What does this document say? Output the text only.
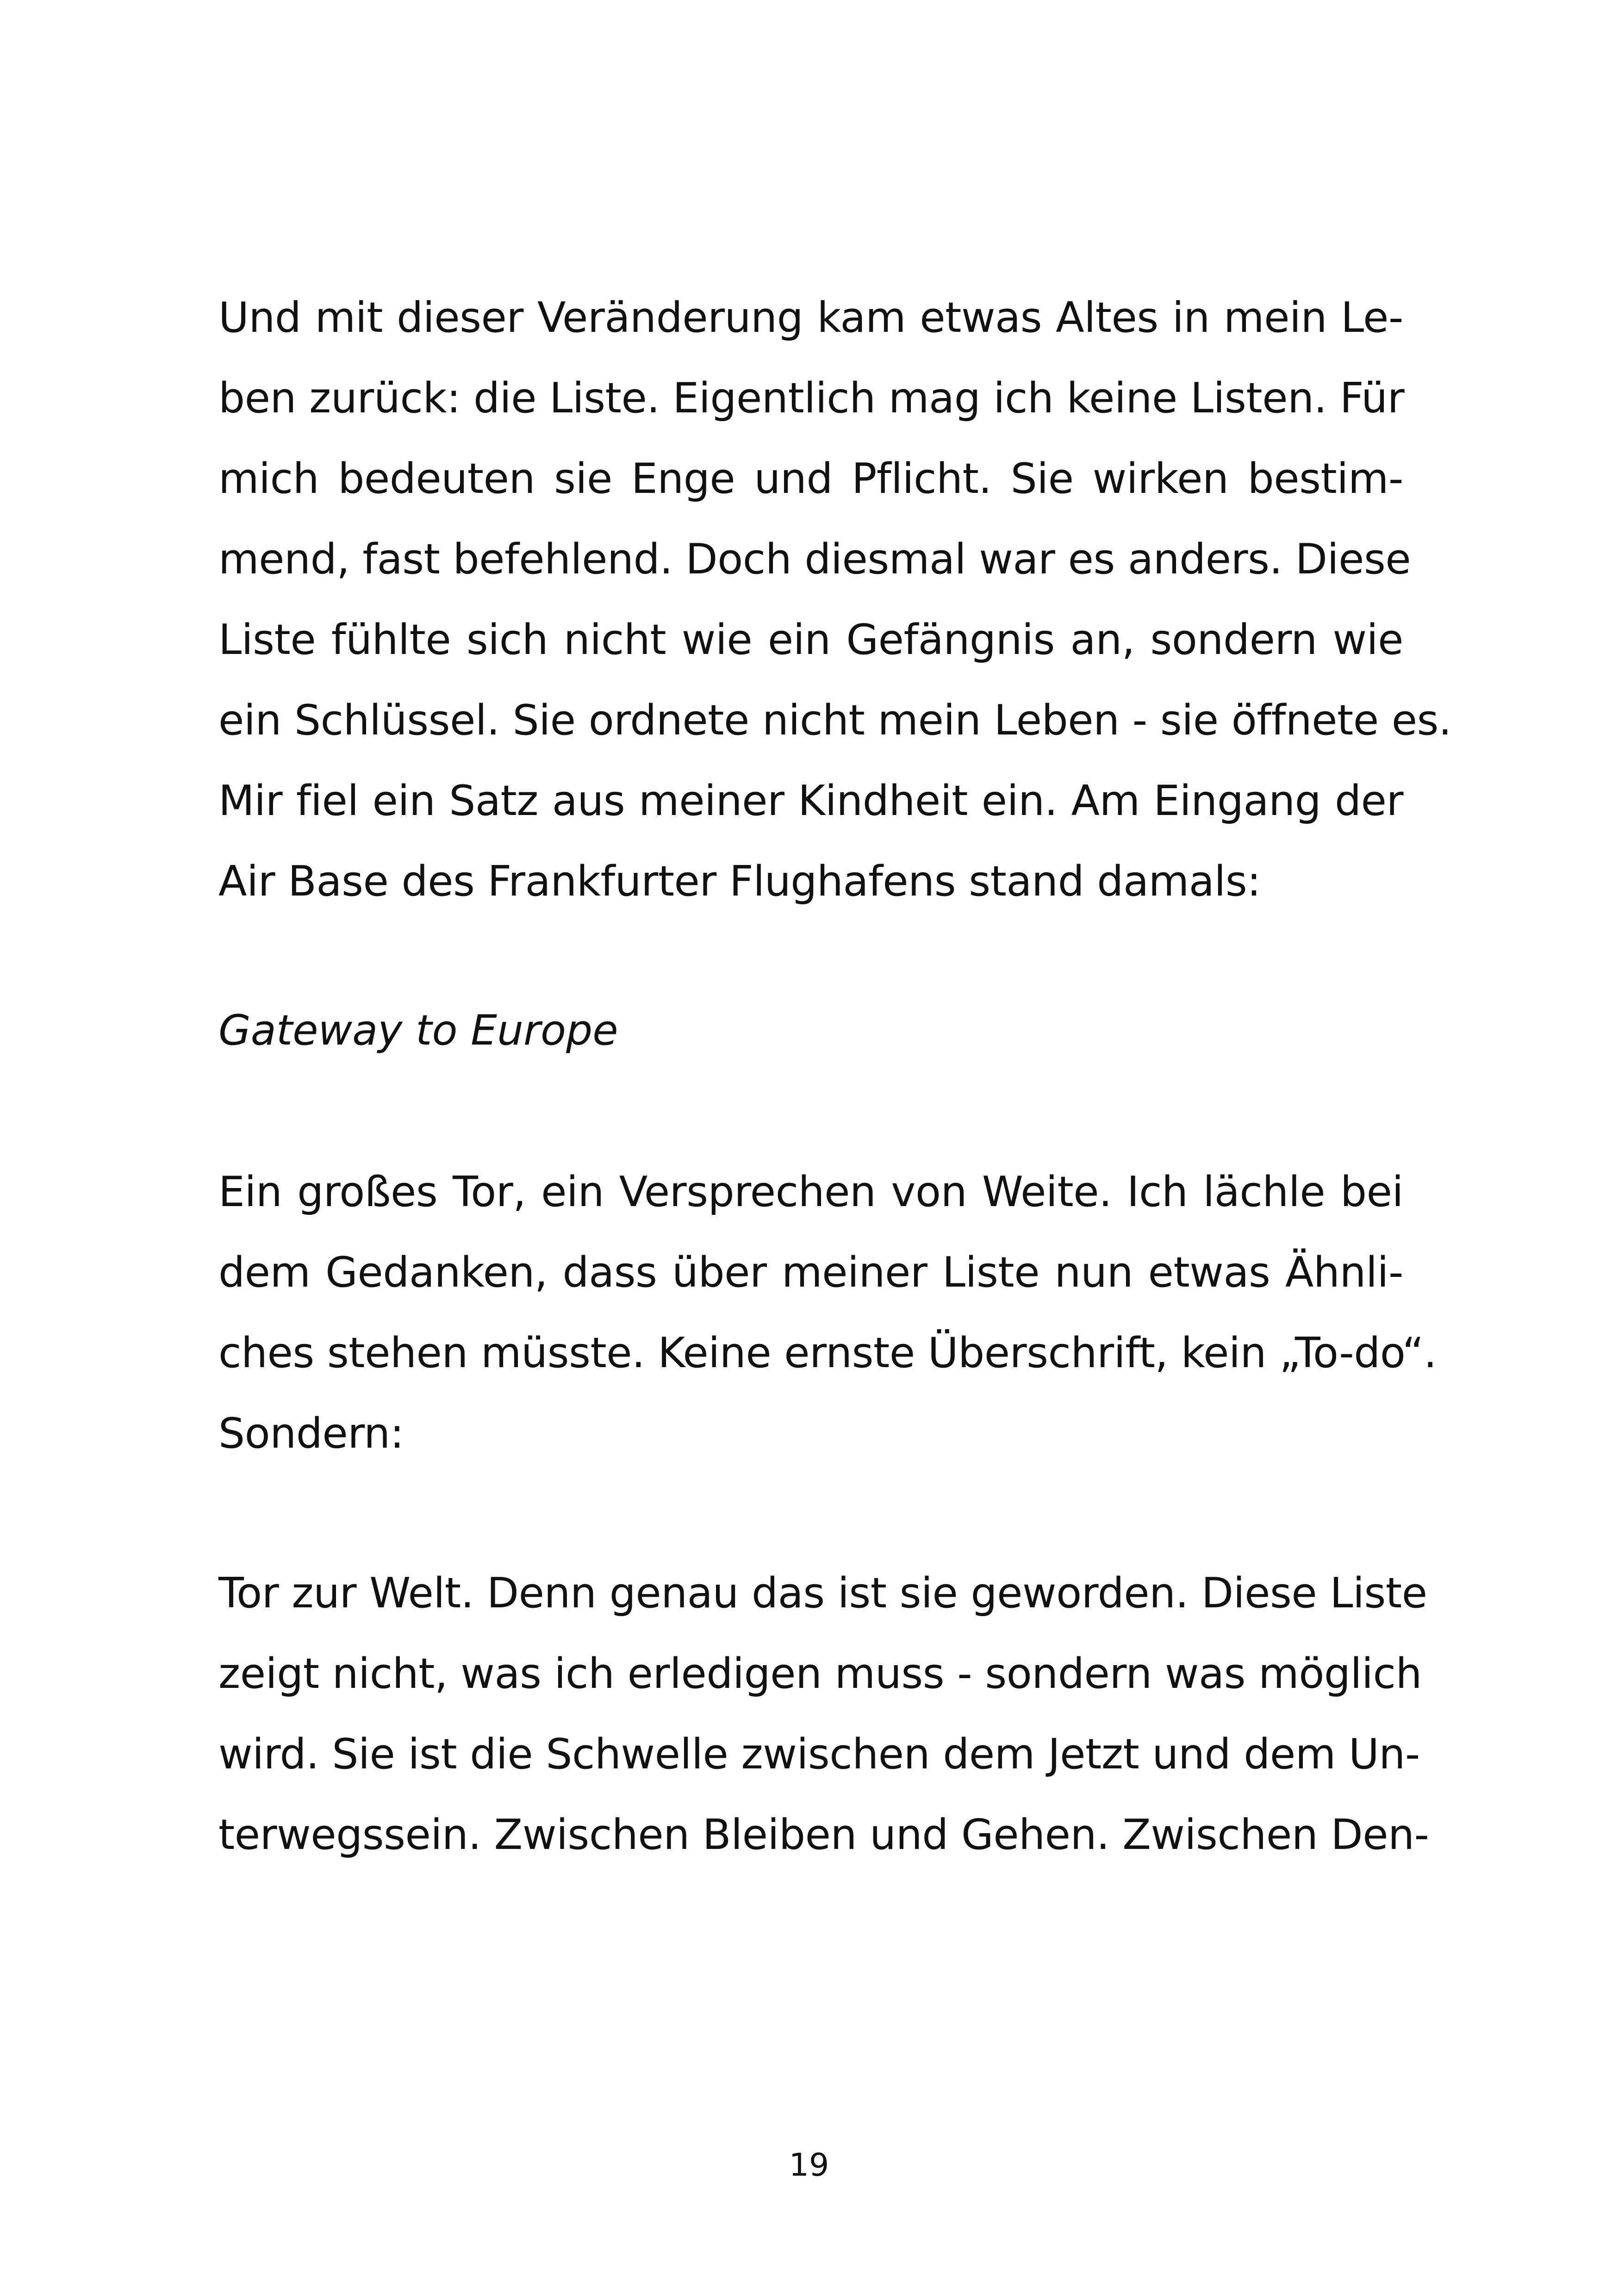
Und mit dieser Veränderung kam etwas Altes in mein Le-
ben zurück: die Liste. Eigentlich mag ich keine Listen. Für
mich bedeuten sie Enge und Pflicht. Sie wirken bestim-
mend, fast befehlend. Doch diesmal war es anders. Diese
Liste fühlte sich nicht wie ein Gefängnis an, sondern wie
ein Schlüssel. Sie ordnete nicht mein Leben - sie öffnete es.
Mir fiel ein Satz aus meiner Kindheit ein. Am Eingang der
Air Base des Frankfurter Flughafens stand damals:
Gateway to Europe
Ein großes Tor, ein Versprechen von Weite. Ich lächle bei
dem Gedanken, dass über meiner Liste nun etwas Ähnli-
ches stehen müsste. Keine ernste Überschrift, kein „To-do“.
Sondern:
Tor zur Welt. Denn genau das ist sie geworden. Diese Liste
zeigt nicht, was ich erledigen muss - sondern was möglich
wird. Sie ist die Schwelle zwischen dem Jetzt und dem Un-
terwegssein. Zwischen Bleiben und Gehen. Zwischen Den-
19
